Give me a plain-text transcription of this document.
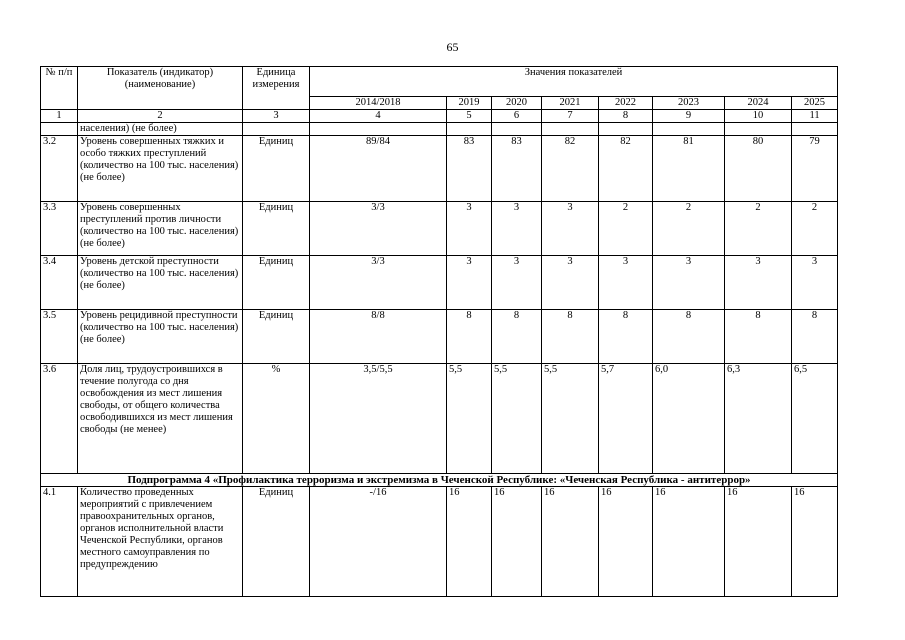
65
№ п/п	Показатель (индикатор) (наименование)	Единица измерения	Значения показателей							
			2014/2018	2019	2020	2021	2022	2023	2024	2025
1	2	3	4	5	6	7	8	9	10	11
	населения) (не более)									
3.2	Уровень совершенных тяжких и особо тяжких преступлений (количество на 100 тыс. населения) (не более)	Единиц	89/84	83	83	82	82	81	80	79
3.3	Уровень совершенных преступлений против личности (количество на 100 тыс. населения) (не более)	Единиц	3/3	3	3	3	2	2	2	2
3.4	Уровень детской преступности (количество на 100 тыс. населения) (не более)	Единиц	3/3	3	3	3	3	3	3	3
3.5	Уровень рецидивной преступности (количество на 100 тыс. населения) (не более)	Единиц	8/8	8	8	8	8	8	8	8
3.6	Доля лиц, трудоустроившихся в течение полугода со дня освобождения из мест лишения свободы, от общего количества освободившихся из мест лишения свободы (не менее)	%	3,5/5,5	5,5	5,5	5,5	5,7	6,0	6,3	6,5
Подпрограмма 4 «Профилактика терроризма и экстремизма в Чеченской Республике: «Чеченская Республика - антитеррор»										
4.1	Количество проведенных мероприятий с привлечением правоохранительных органов, органов исполнительной власти Чеченской Республики, органов местного самоуправления по предупреждению	Единиц	-/16	16	16	16	16	16	16	16
